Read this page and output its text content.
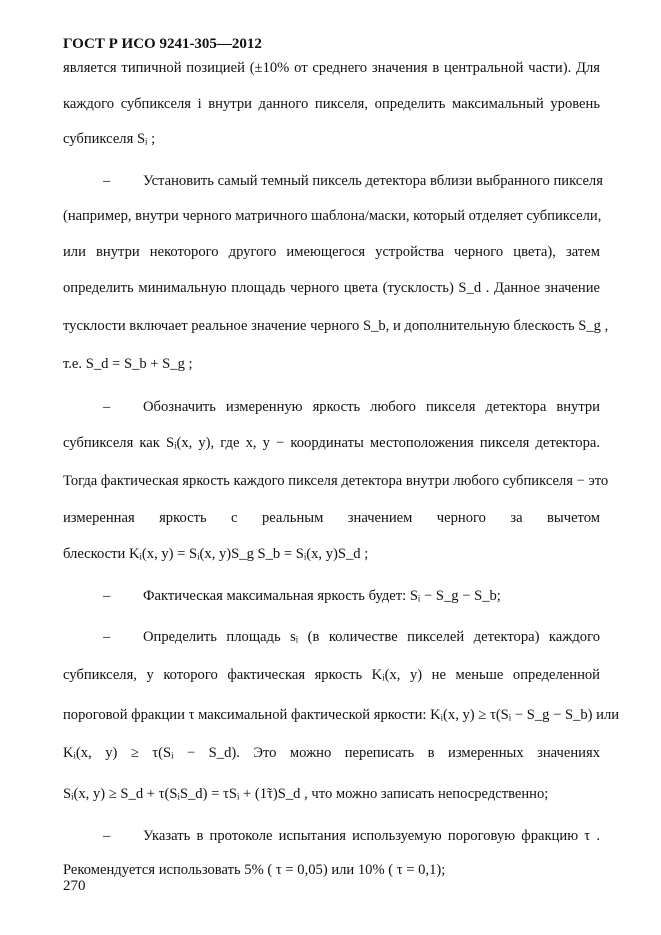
ГОСТ Р ИСО 9241-305—2012
является типичной позицией (±10% от среднего значения в центральной части). Для
каждого субпикселя i внутри данного пикселя, определить максимальный уровень
субпикселя Sᵢ ;
– Установить самый темный пиксель детектора вблизи выбранного пикселя
(например, внутри черного матричного шаблона/маски, который отделяет субпиксели,
или внутри некоторого другого имеющегося устройства черного цвета), затем
определить минимальную площадь черного цвета (тусклость) S_d . Данное значение
тусклости включает реальное значение черного S_b, и дополнительную блескость S_g ,
т.е. S_d = S_b + S_g ;
– Обозначить измеренную яркость любого пикселя детектора внутри
субпикселя как Sᵢ(x, y), где x, y − координаты местоположения пикселя детектора.
Тогда фактическая яркость каждого пикселя детектора внутри любого субпикселя − это
измеренная яркость с реальным значением черного за вычетом
блескости Kᵢ(x, y) = Sᵢ(x, y)S_g S_b = Sᵢ(x, y)S_d ;
– Фактическая максимальная яркость будет: Sᵢ − S_g − S_b;
– Определить площадь sᵢ (в количестве пикселей детектора) каждого
субпикселя, у которого фактическая яркость Kᵢ(x, y) не меньше определенной
пороговой фракции τ максимальной фактической яркости: Kᵢ(x, y) ≥ τ(Sᵢ − S_g − S_b) или
Kᵢ(x, y) ≥ τ(Sᵢ − S_d). Это можно переписать в измеренных значениях
Sᵢ(x, y) ≥ S_d + τ(SᵢS_d) = τSᵢ + (1̃τ)S_d , что можно записать непосредственно;
– Указать в протоколе испытания используемую пороговую фракцию τ .
Рекомендуется использовать 5% ( τ = 0,05) или 10% ( τ = 0,1);
270
